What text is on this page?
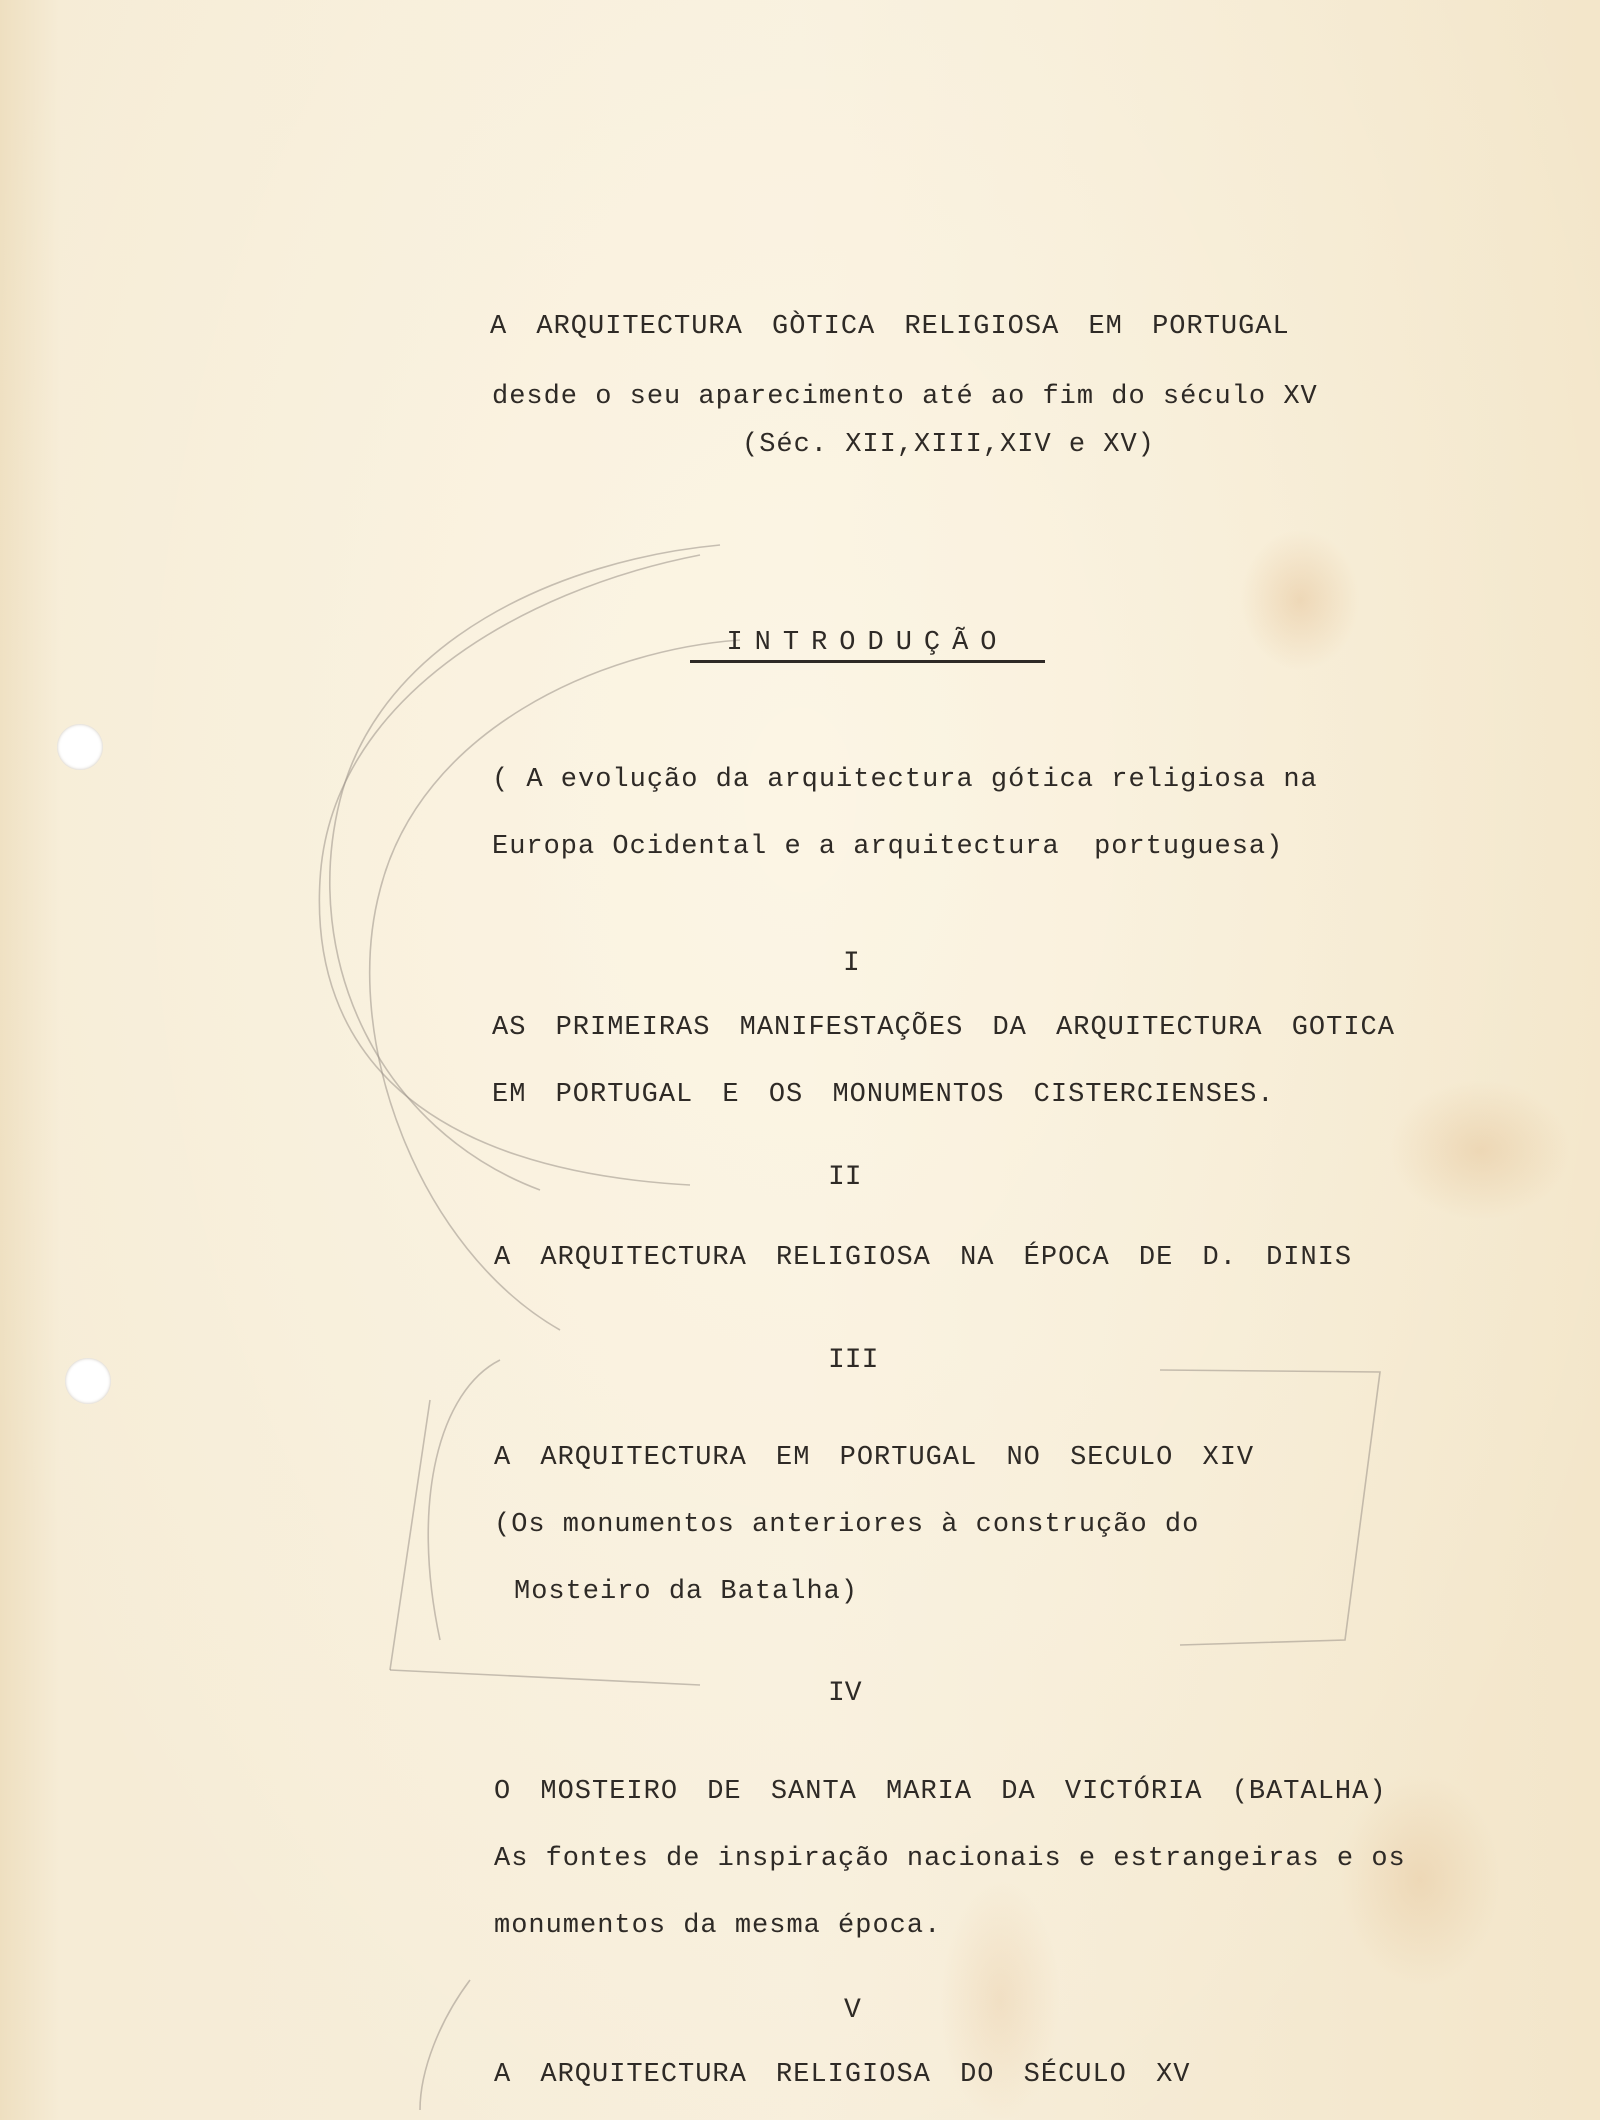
A ARQUITECTURA GÒTICA RELIGIOSA EM PORTUGAL
desde o seu aparecimento até ao fim do século XV
(Séc. XII,XIII,XIV e XV)
INTRODUÇÃO
( A evolução da arquitectura gótica religiosa na
Europa Ocidental e a arquitectura  portuguesa)
I
AS PRIMEIRAS MANIFESTAÇÕES DA ARQUITECTURA GOTICA
EM PORTUGAL E OS MONUMENTOS CISTERCIENSES.
II
A ARQUITECTURA RELIGIOSA NA ÉPOCA DE D. DINIS
III
A ARQUITECTURA EM PORTUGAL NO SECULO XIV
(Os monumentos anteriores à construção do
Mosteiro da Batalha)
IV
O MOSTEIRO DE SANTA MARIA DA VICTÓRIA (BATALHA)
As fontes de inspiração nacionais e estrangeiras e os
monumentos da mesma época.
V
A ARQUITECTURA RELIGIOSA DO SÉCULO XV
